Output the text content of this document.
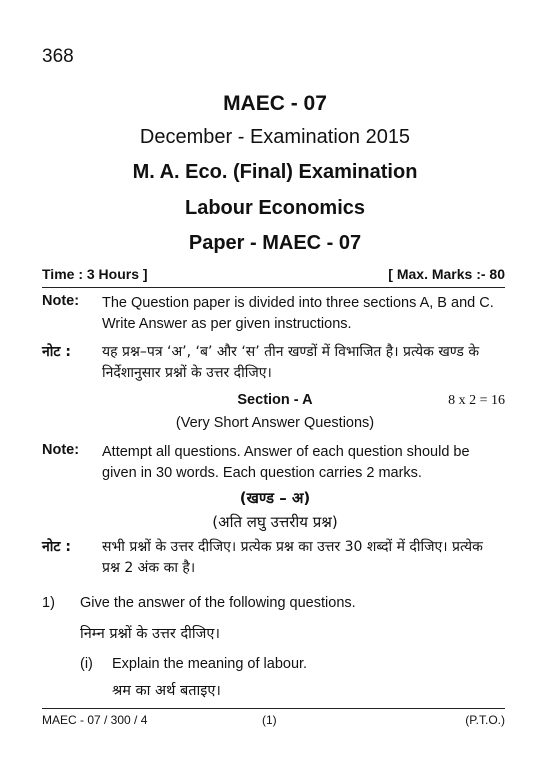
368
MAEC - 07
December - Examination 2015
M. A. Eco. (Final) Examination
Labour Economics
Paper - MAEC - 07
Time : 3 Hours ]	[ Max. Marks :- 80
Note: The Question paper is divided into three sections A, B and C. Write Answer as per given instructions.
नोट : यह प्रश्न–पत्र ‘अ’, ‘ब’ और ‘स’ तीन खण्डों में विभाजित है। प्रत्येक खण्ड के निर्देशानुसार प्रश्नों के उत्तर दीजिए।
Section - A	8 x 2 = 16
(Very Short Answer Questions)
Note: Attempt all questions. Answer of each question should be given in 30 words. Each question carries 2 marks.
(खण्ड – अ)
(अति लघु उत्तरीय प्रश्न)
नोट : सभी प्रश्नों के उत्तर दीजिए। प्रत्येक प्रश्न का उत्तर 30 शब्दों में दीजिए। प्रत्येक प्रश्न 2 अंक का है।
1) Give the answer of the following questions.
निम्न प्रश्नों के उत्तर दीजिए।
(i) Explain the meaning of labour.
श्रम का अर्थ बताइए।
MAEC - 07 / 300 / 4	(1)	(P.T.O.)
